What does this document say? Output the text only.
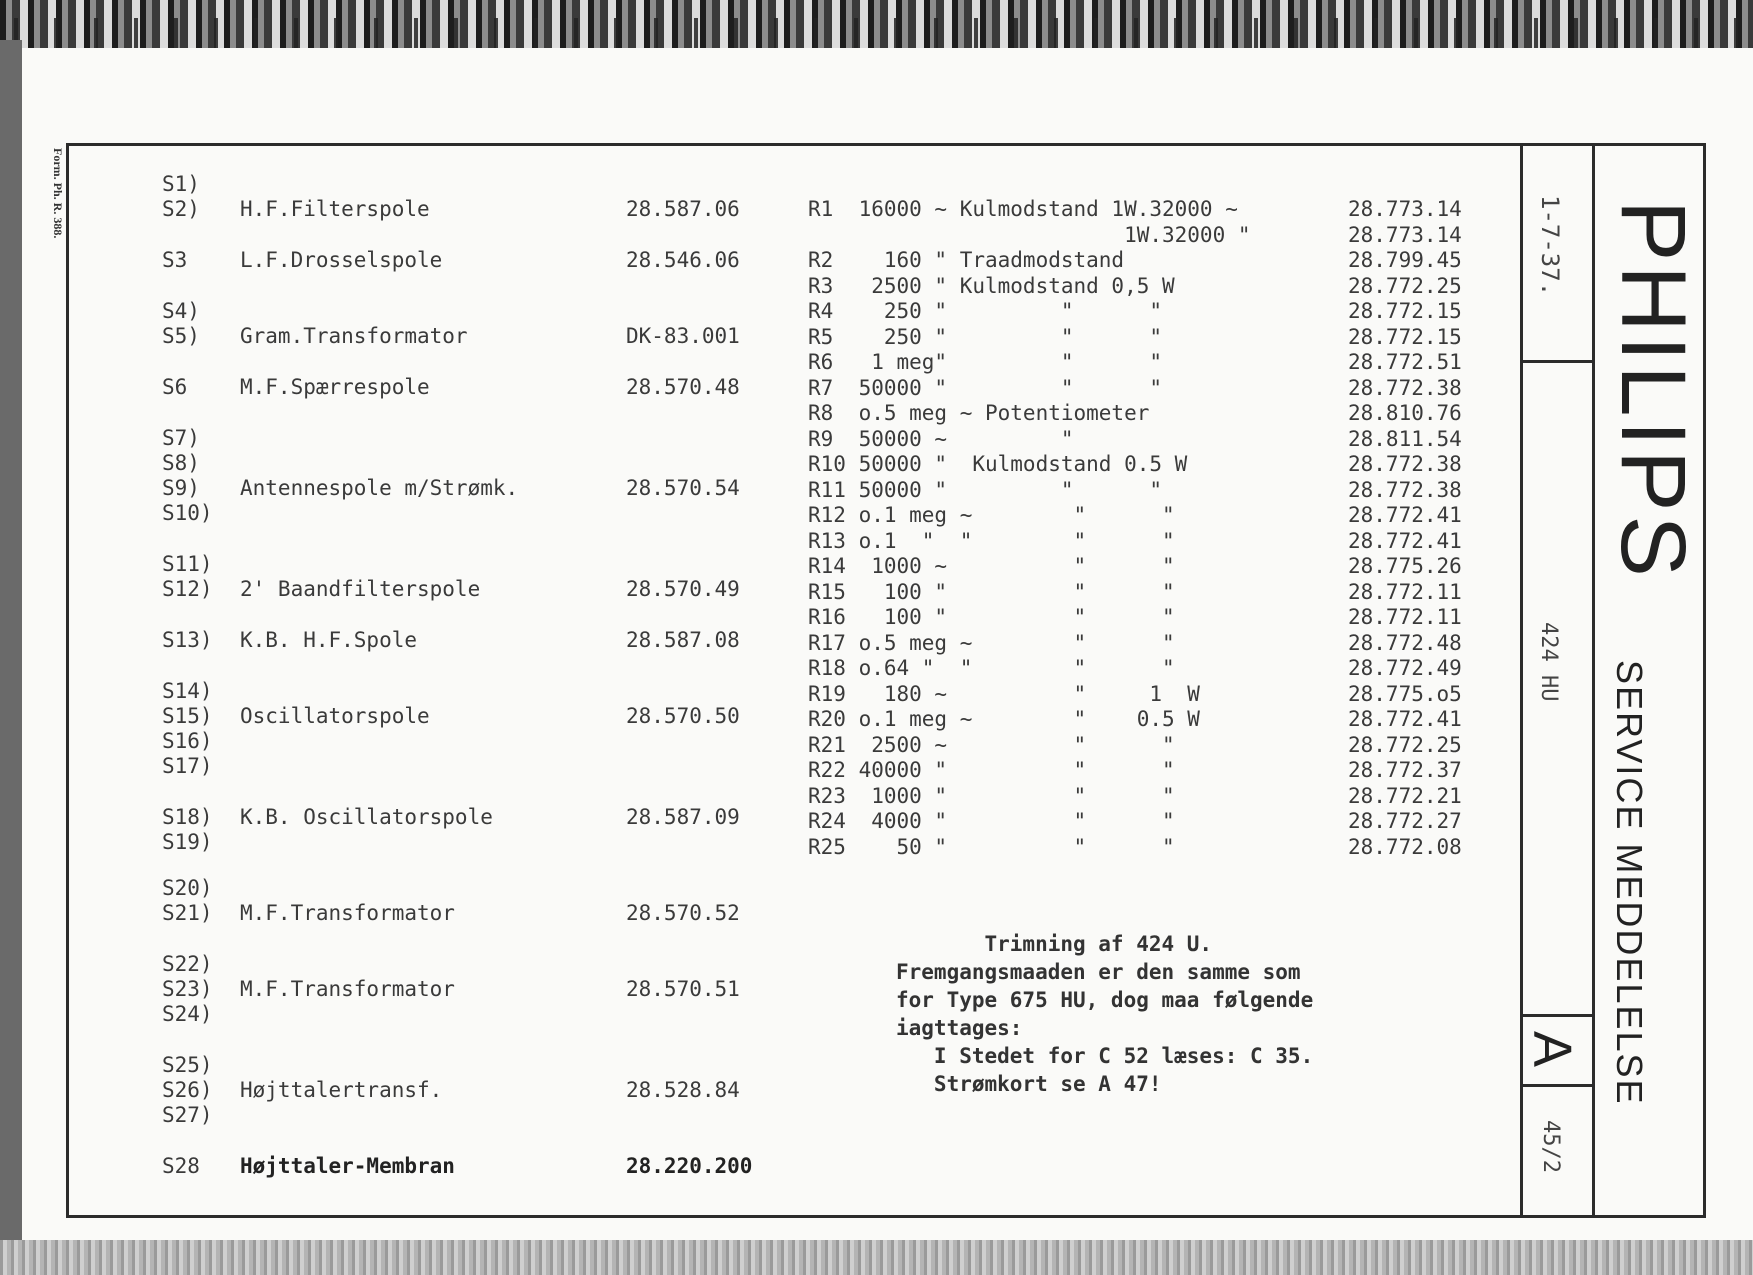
Form. Ph. R. 388.	S1)
S2) H.F.Filterspole	28.587.06
S3	L.F.Drosselspole	28.546.06
S4)
S5) Gram.Transformator	DK-83.001
S6	M.F.Spærrespole	28.570.48
S7)
S8)
S9) Antennespole m/Strømk.	28.570.54
S10)
S11)
S12) 2' Baandfilterspole	28.570.49
S13) K.B. H.F.Spole	28.587.08
S14)
S15) Oscillatorspole	28.570.50
S16)
S17)
S18) K.B. Oscillatorspole	28.587.09
S19)
S20)
S21) M.F.Transformator	28.570.52
S22)
S23) M.F.Transformator	28.570.51
S24)
S25)
S26) Højttalertransf.	28.528.84
S27)
S28 Højttaler-Membran	28.220.200
R1  16000 ~ Kulmodstand 1W.32000 ~	28.773.14
1W.32000 "	28.773.14
R2    160 " Traadmodstand	28.799.45
R3   2500 " Kulmodstand 0,5 W	28.772.25
R4    250 "         "      "	28.772.15
R5    250 "         "      "	28.772.15
R6   1 meg"         "      "	28.772.51
R7  50000 "         "      "	28.772.38
R8  o.5 meg ~ Potentiometer	28.810.76
R9  50000 ~         "	28.811.54
R10 50000 "  Kulmodstand 0.5 W	28.772.38
R11 50000 "         "      "	28.772.38
R12 o.1 meg ~        "      "	28.772.41
R13 o.1  "  "        "      "	28.772.41
R14  1000 ~          "      "	28.775.26
R15   100 "          "      "	28.772.11
R16   100 "          "      "	28.772.11
R17 o.5 meg ~        "      "	28.772.48
R18 o.64 "  "        "      "	28.772.49
R19   180 ~          "     1  W	28.775.o5
R20 o.1 meg ~        "    0.5 W	28.772.41
R21  2500 ~          "      "	28.772.25
R22 40000 "          "      "	28.772.37
R23  1000 "          "      "	28.772.21
R24  4000 "          "      "	28.772.27
R25    50 "          "      "	28.772.08
Trimning af 424 U.
Fremgangsmaaden er den samme som
for Type 675 HU, dog maa følgende
iagttages:
I Stedet for C 52 læses: C 35.
Strømkort se A 47!
1-7-37.
424 HU
A
45/2
PHILIPS
SERVICE MEDDELELSE
